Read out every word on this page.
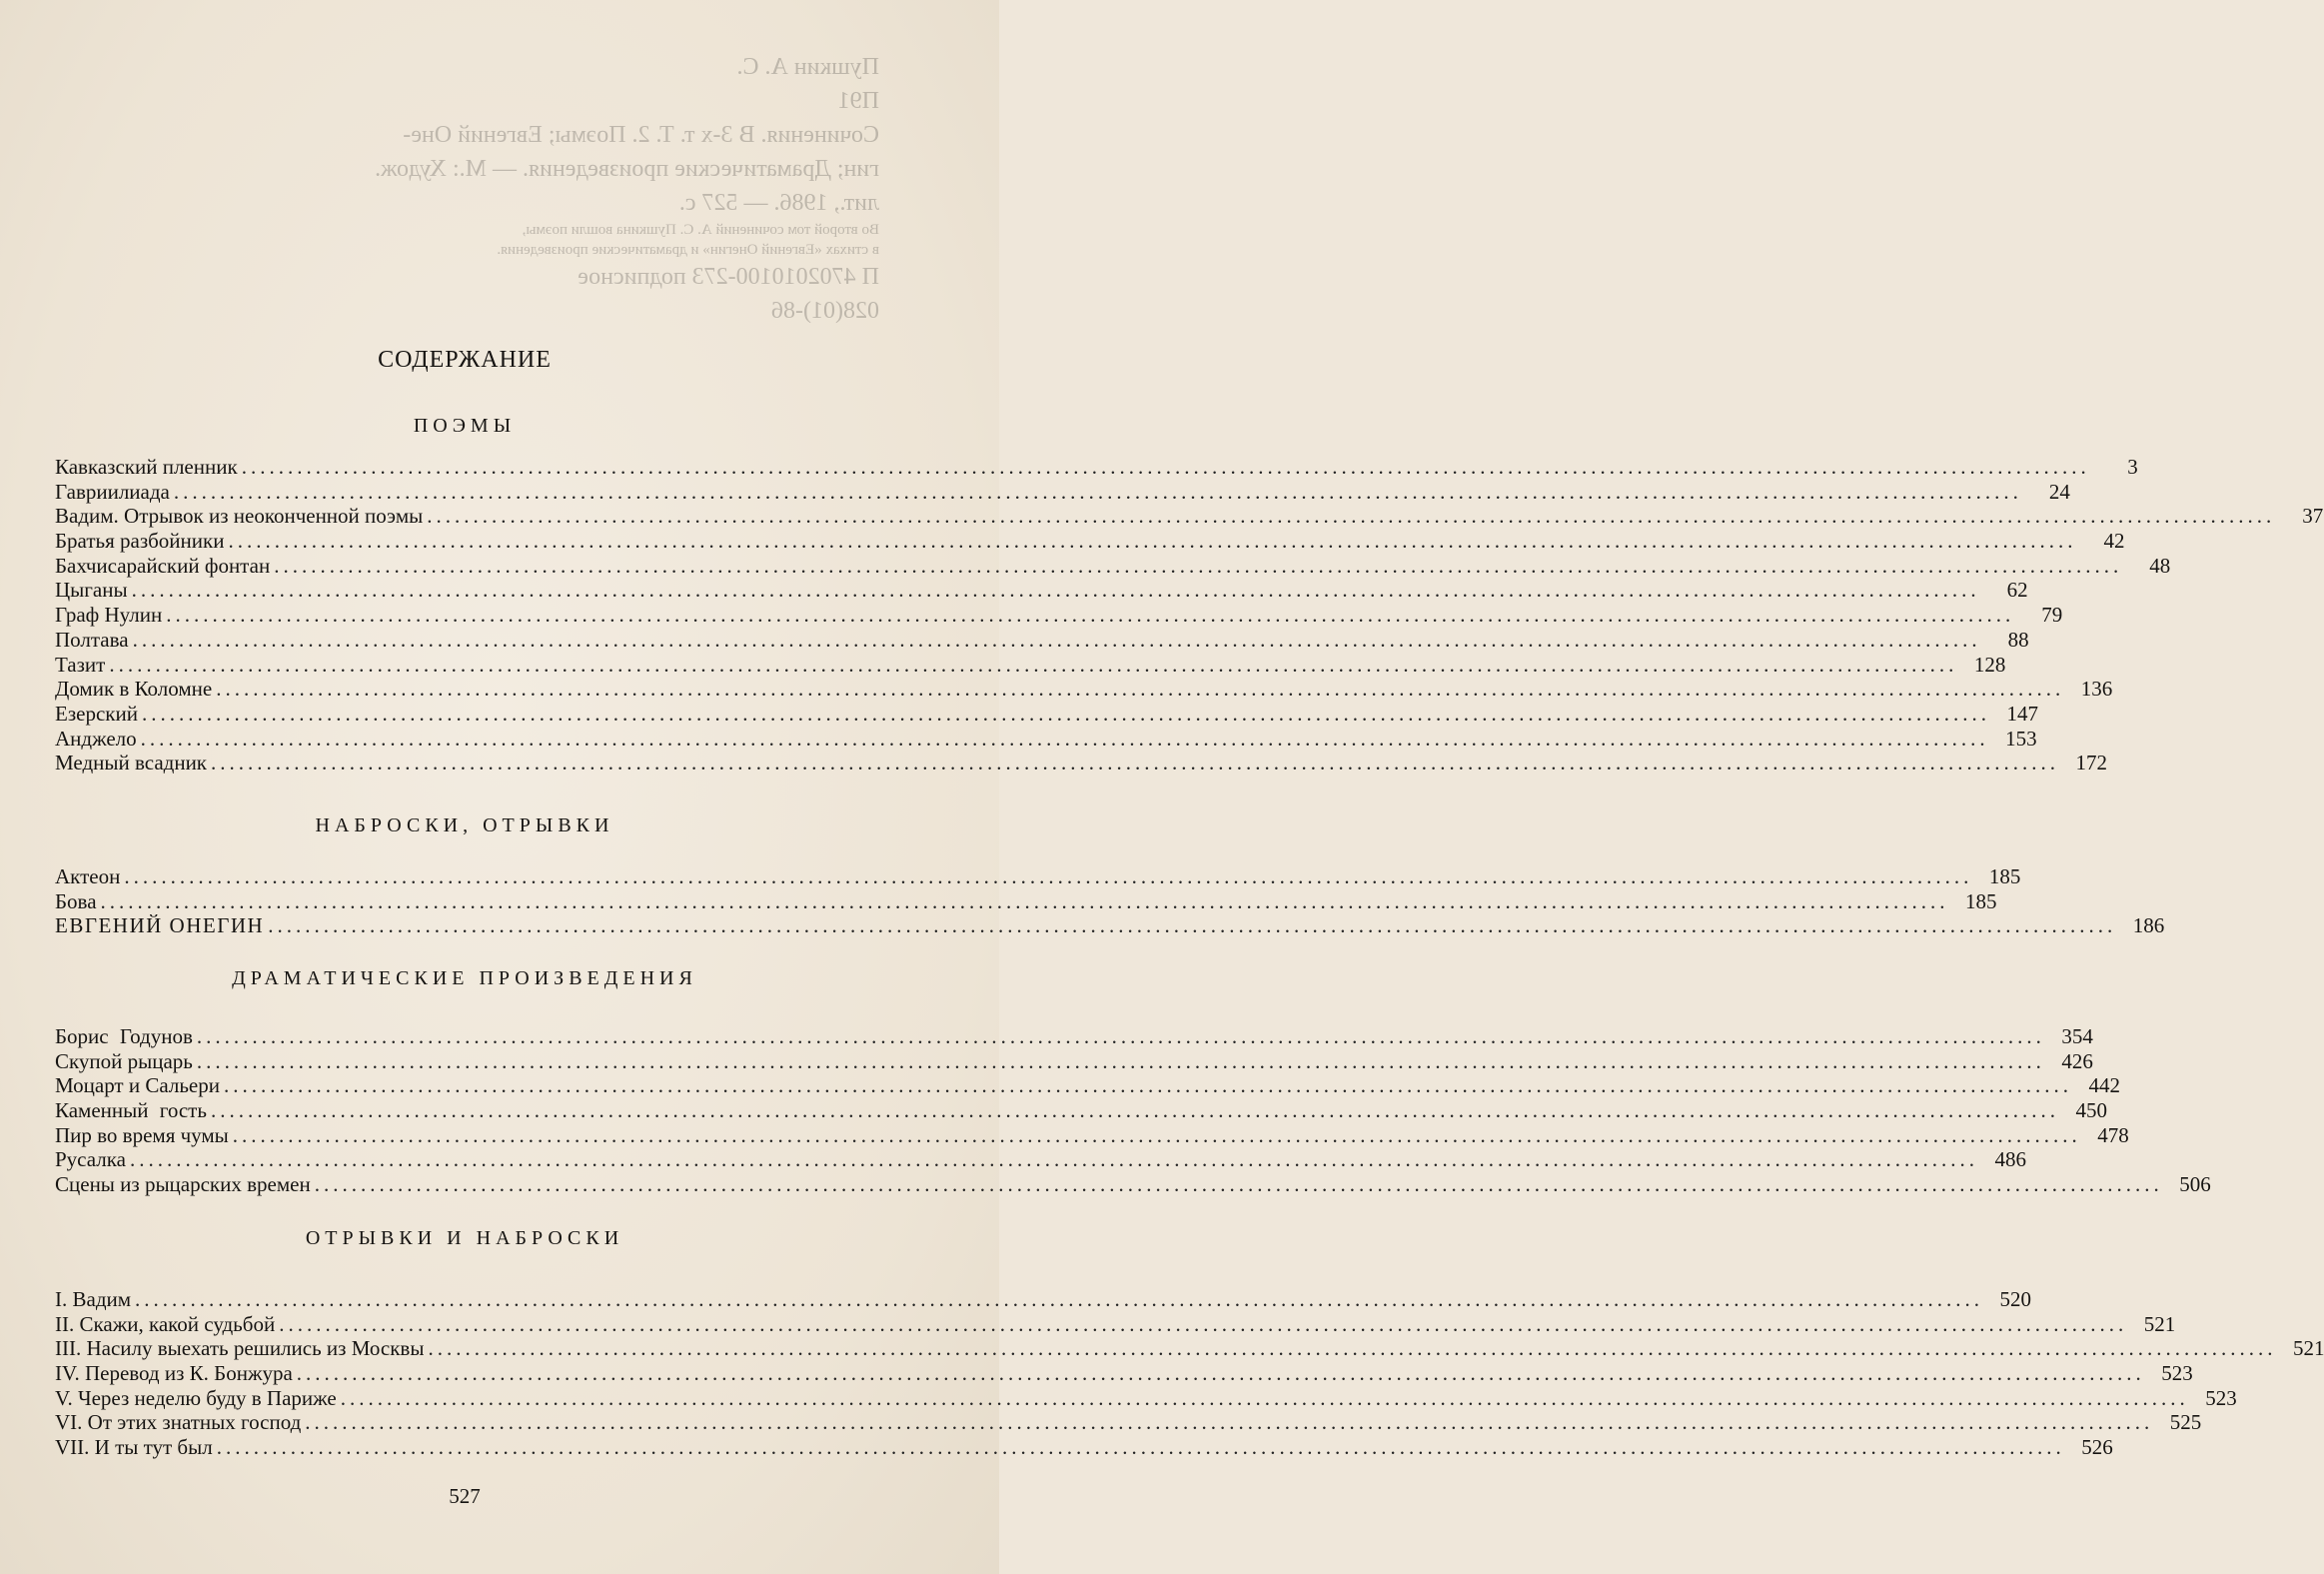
Пушкин А. С.
П91
Сочинения. В 3-х т. Т. 2. Поэмы; Евгений Оне-
гин; Драматические произведения. — М.: Худож.
лит., 1986. — 527 с.
Во второй том сочинений А. С. Пушкина вошли поэмы,
в стихах «Евгений Онегин» и драматические произведения.
П 4702010100-273 подписное
028(01)-86
СОДЕРЖАНИЕ
ПОЭМЫ
Кавказский пленник ........................................................................................................................................................................................................	3
Гавриилиада ........................................................................................................................................................................................................	24
Вадим. Отрывок из неоконченной поэмы ........................................................................................................................................................................................................	37
Братья разбойники ........................................................................................................................................................................................................	42
Бахчисарайский фонтан ........................................................................................................................................................................................................	48
Цыганы ........................................................................................................................................................................................................	62
Граф Нулин ........................................................................................................................................................................................................	79
Полтава ........................................................................................................................................................................................................	88
Тазит ........................................................................................................................................................................................................ 128
Домик в Коломне ........................................................................................................................................................................................................ 136
Езерский ........................................................................................................................................................................................................ 147
Анджело ........................................................................................................................................................................................................ 153
Медный всадник ........................................................................................................................................................................................................ 172
НАБРОСКИ, ОТРЫВКИ
Актеон ........................................................................................................................................................................................................ 185
Бова ........................................................................................................................................................................................................ 185
ЕВГЕНИЙ ОНЕГИН ........................................................................................................................................................................................................ 186
ДРАМАТИЧЕСКИЕ ПРОИЗВЕДЕНИЯ
Борис Годунов ........................................................................................................................................................................................................ 354
Скупой рыцарь ........................................................................................................................................................................................................ 426
Моцарт и Сальери ........................................................................................................................................................................................................ 442
Каменный гость ........................................................................................................................................................................................................ 450
Пир во время чумы ........................................................................................................................................................................................................ 478
Русалка ........................................................................................................................................................................................................ 486
Сцены из рыцарских времен ........................................................................................................................................................................................................ 506
ОТРЫВКИ И НАБРОСКИ
I. Вадим ........................................................................................................................................................................................................ 520
II. Скажи, какой судьбой ........................................................................................................................................................................................................ 521
III. Насилу выехать решились из Москвы ........................................................................................................................................................................................................ 521
IV. Перевод из К. Бонжура ........................................................................................................................................................................................................ 523
V. Через неделю буду в Париже ........................................................................................................................................................................................................ 523
VI. От этих знатных господ ........................................................................................................................................................................................................ 525
VII. И ты тут был ........................................................................................................................................................................................................ 526
527
